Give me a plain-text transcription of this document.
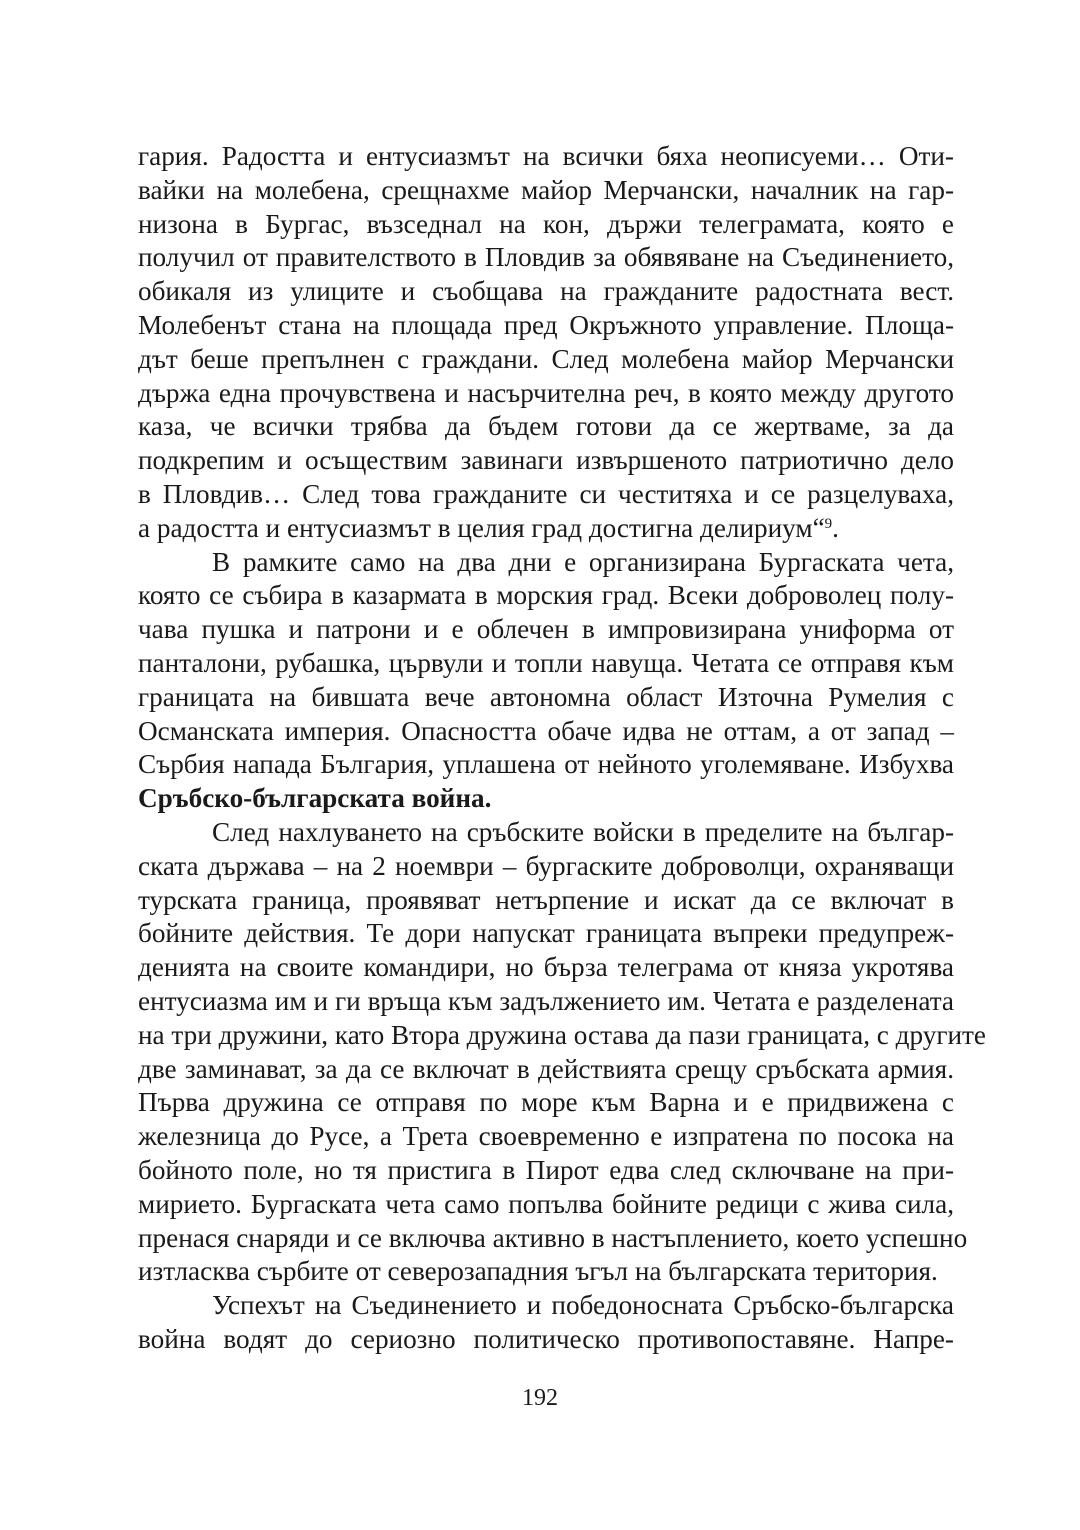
гария. Радостта и ентусиазмът на всички бяха неописуеми… Оти-
вайки на молебена, срещнахме майор Мерчански, началник на гар-
низона в Бургас, възседнал на кон, държи телеграмата, която е
получил от правителството в Пловдив за обявяване на Съединението,
обикаля из улиците и съобщава на гражданите радостната вест.
Молебенът стана на площада пред Окръжното управление. Площа-
дът беше препълнен с граждани. След молебена майор Мерчански
държа една прочувствена и насърчителна реч, в която между другото
каза, че всички трябва да бъдем готови да се жертваме, за да
подкрепим и осъществим завинаги извършеното патриотично дело
в Пловдив… След това гражданите си честитяха и се разцелуваха,
а радостта и ентусиазмът в целия град достигна делириум“$^9$.
В рамките само на два дни е организирана Бургаската чета,
която се събира в казармата в морския град. Всеки доброволец полу-
чава пушка и патрони и е облечен в импровизирана униформа от
панталони, рубашка, цървули и топли навуща. Четата се отправя към
границата на бившата вече автономна област Източна Румелия с
Османската империя. Опасността обаче идва не оттам, а от запад –
Сърбия напада България, уплашена от нейното уголемяване. Избухва
Сръбско-българската война.
След нахлуването на сръбските войски в пределите на българ-
ската държава – на 2 ноември – бургаските доброволци, охраняващи
турската граница, проявяват нетърпение и искат да се включат в
бойните действия. Те дори напускат границата въпреки предупреж-
денията на своите командири, но бърза телеграма от княза укротява
ентусиазма им и ги връща към задължението им. Четата е разделената
на три дружини, като Втора дружина остава да пази границата, с другите
две заминават, за да се включат в действията срещу сръбската армия.
Първа дружина се отправя по море към Варна и е придвижена с
железница до Русе, а Трета своевременно е изпратена по посока на
бойното поле, но тя пристига в Пирот едва след сключване на при-
мирието. Бургаската чета само попълва бойните редици с жива сила,
пренася снаряди и се включва активно в настъплението, което успешно
изтласква сърбите от северозападния ъгъл на българската територия.
Успехът на Съединението и победоносната Сръбско-българска
война водят до сериозно политическо противопоставяне. Напре-
192
